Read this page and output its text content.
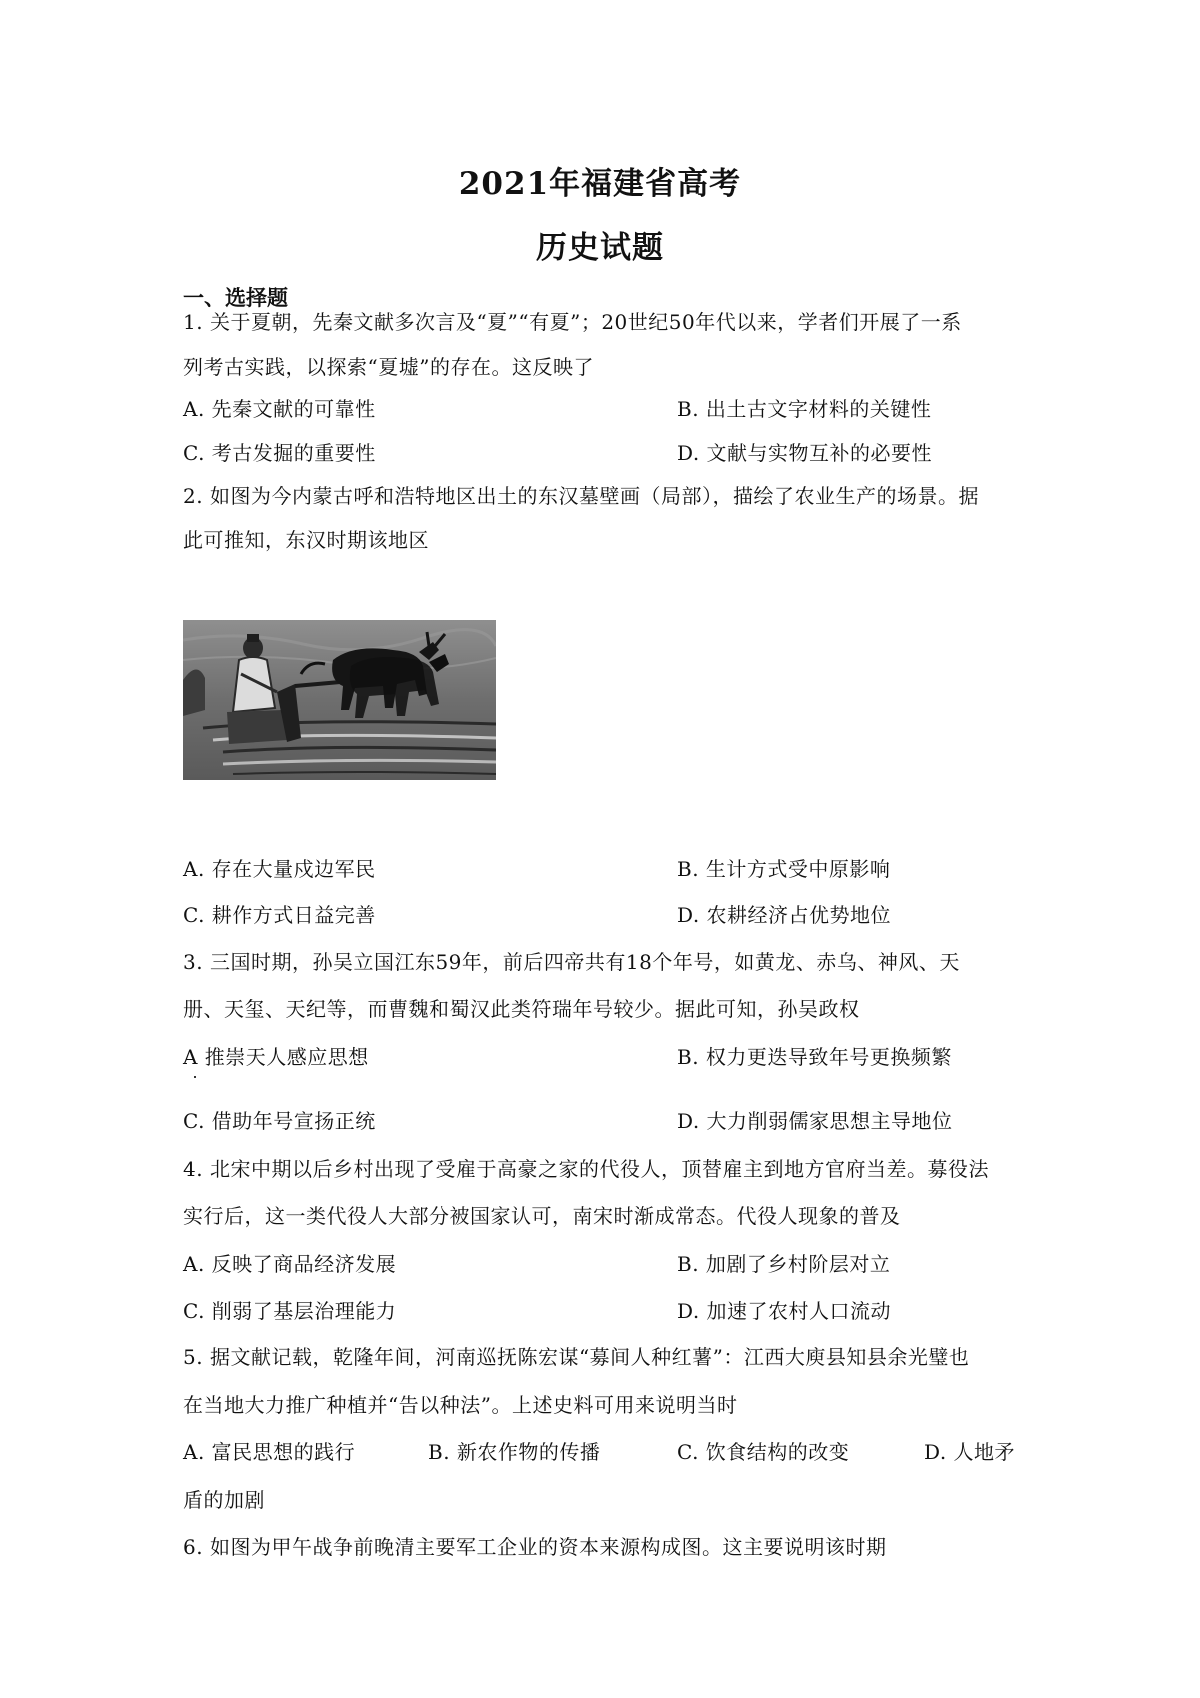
2021年福建省高考
历史试题
一、选择题
1. 关于夏朝，先秦文献多次言及“夏”“有夏”；20世纪50年代以来，学者们开展了一系
列考古实践，以探索“夏墟”的存在。这反映了
A. 先秦文献的可靠性	B. 出土古文字材料的关键性
C. 考古发掘的重要性	D. 文献与实物互补的必要性
2. 如图为今内蒙古呼和浩特地区出土的东汉墓壁画（局部），描绘了农业生产的场景。据
此可推知，东汉时期该地区
A. 存在大量戍边军民	B. 生计方式受中原影响
C. 耕作方式日益完善	D. 农耕经济占优势地位
3. 三国时期，孙吴立国江东59年，前后四帝共有18个年号，如黄龙、赤乌、神风、天
册、天玺、天纪等，而曹魏和蜀汉此类符瑞年号较少。据此可知，孙吴政权
A 推崇天人感应思想	B. 权力更迭导致年号更换频繁
C. 借助年号宣扬正统	D. 大力削弱儒家思想主导地位
4. 北宋中期以后乡村出现了受雇于高豪之家的代役人，顶替雇主到地方官府当差。募役法
实行后，这一类代役人大部分被国家认可，南宋时渐成常态。代役人现象的普及
A. 反映了商品经济发展	B. 加剧了乡村阶层对立
C. 削弱了基层治理能力	D. 加速了农村人口流动
5. 据文献记载，乾隆年间，河南巡抚陈宏谋“募间人种红薯”：江西大庾县知县余光璧也
在当地大力推广种植并“告以种法”。上述史料可用来说明当时
A. 富民思想的践行	B. 新农作物的传播	C. 饮食结构的改变	D. 人地矛
盾的加剧
6. 如图为甲午战争前晚清主要军工企业的资本来源构成图。这主要说明该时期
